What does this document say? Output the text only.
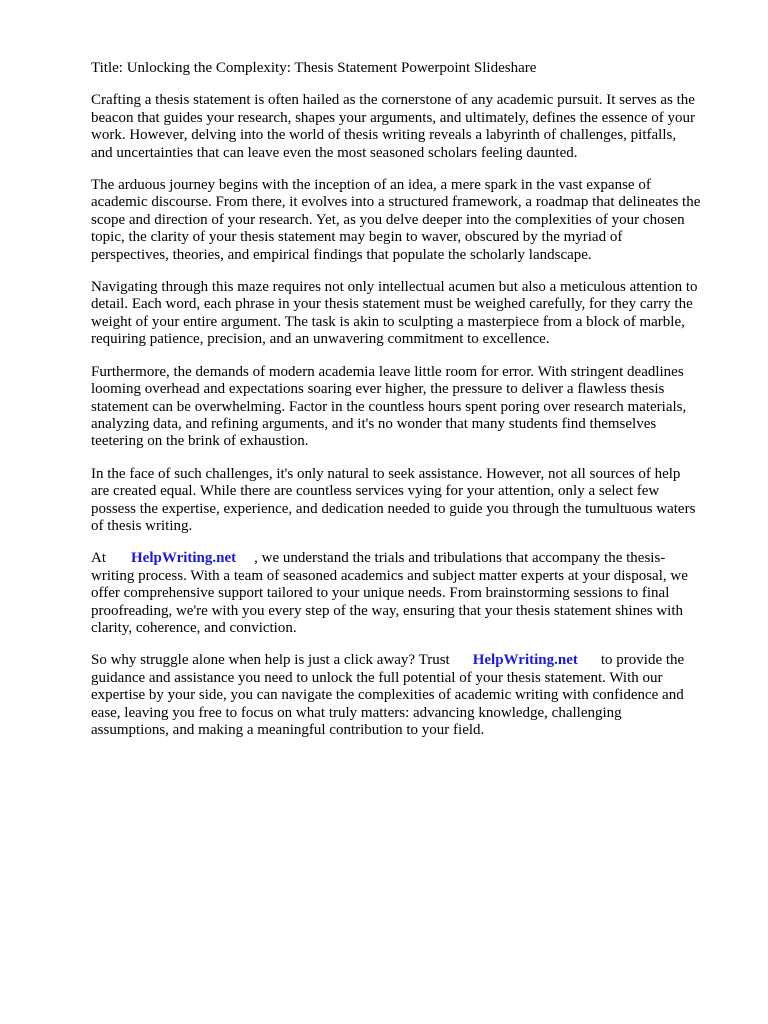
Title: Unlocking the Complexity: Thesis Statement Powerpoint Slideshare
Crafting a thesis statement is often hailed as the cornerstone of any academic pursuit. It serves as the
beacon that guides your research, shapes your arguments, and ultimately, defines the essence of your
work. However, delving into the world of thesis writing reveals a labyrinth of challenges, pitfalls,
and uncertainties that can leave even the most seasoned scholars feeling daunted.
The arduous journey begins with the inception of an idea, a mere spark in the vast expanse of
academic discourse. From there, it evolves into a structured framework, a roadmap that delineates the
scope and direction of your research. Yet, as you delve deeper into the complexities of your chosen
topic, the clarity of your thesis statement may begin to waver, obscured by the myriad of
perspectives, theories, and empirical findings that populate the scholarly landscape.
Navigating through this maze requires not only intellectual acumen but also a meticulous attention to
detail. Each word, each phrase in your thesis statement must be weighed carefully, for they carry the
weight of your entire argument. The task is akin to sculpting a masterpiece from a block of marble,
requiring patience, precision, and an unwavering commitment to excellence.
Furthermore, the demands of modern academia leave little room for error. With stringent deadlines
looming overhead and expectations soaring ever higher, the pressure to deliver a flawless thesis
statement can be overwhelming. Factor in the countless hours spent poring over research materials,
analyzing data, and refining arguments, and it's no wonder that many students find themselves
teetering on the brink of exhaustion.
In the face of such challenges, it's only natural to seek assistance. However, not all sources of help
are created equal. While there are countless services vying for your attention, only a select few
possess the expertise, experience, and dedication needed to guide you through the tumultuous waters
of thesis writing.
At HelpWriting.net , we understand the trials and tribulations that accompany the thesis-
writing process. With a team of seasoned academics and subject matter experts at your disposal, we
offer comprehensive support tailored to your unique needs. From brainstorming sessions to final
proofreading, we're with you every step of the way, ensuring that your thesis statement shines with
clarity, coherence, and conviction.
So why struggle alone when help is just a click away? Trust HelpWriting.net to provide the
guidance and assistance you need to unlock the full potential of your thesis statement. With our
expertise by your side, you can navigate the complexities of academic writing with confidence and
ease, leaving you free to focus on what truly matters: advancing knowledge, challenging
assumptions, and making a meaningful contribution to your field.
